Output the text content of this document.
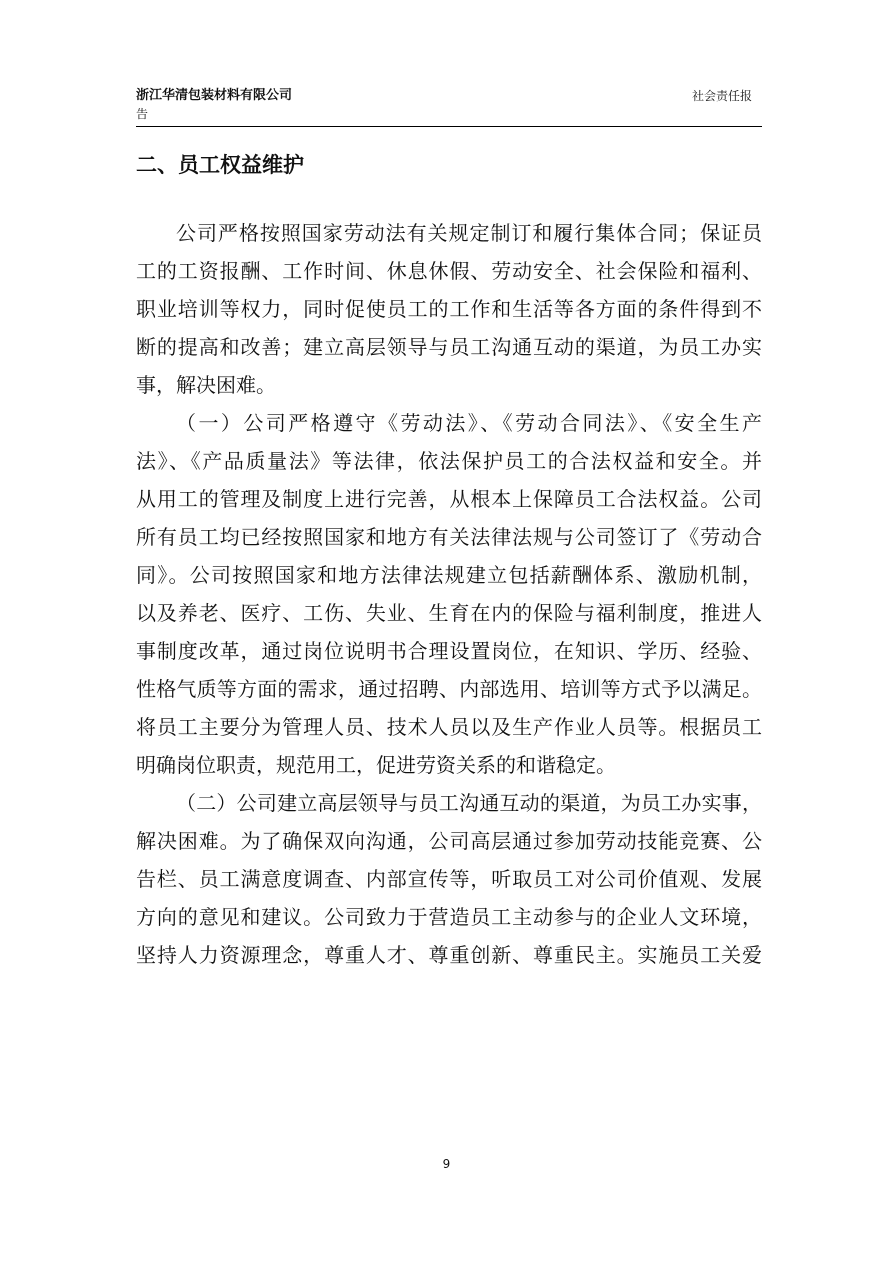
浙江华清包装材料有限公司	社会责任报
告
二、员工权益维护
公司严格按照国家劳动法有关规定制订和履行集体合同；保证员
工的工资报酬、工作时间、休息休假、劳动安全、社会保险和福利、
职业培训等权力，同时促使员工的工作和生活等各方面的条件得到不
断的提高和改善；建立高层领导与员工沟通互动的渠道，为员工办实
事，解决困难。
（一）公司严格遵守《劳动法》、《劳动合同法》、《安全生产
法》、《产品质量法》等法律，依法保护员工的合法权益和安全。并
从用工的管理及制度上进行完善，从根本上保障员工合法权益。公司
所有员工均已经按照国家和地方有关法律法规与公司签订了《劳动合
同》。公司按照国家和地方法律法规建立包括薪酬体系、激励机制，
以及养老、医疗、工伤、失业、生育在内的保险与福利制度，推进人
事制度改革，通过岗位说明书合理设置岗位，在知识、学历、经验、
性格气质等方面的需求，通过招聘、内部选用、培训等方式予以满足。
将员工主要分为管理人员、技术人员以及生产作业人员等。根据员工
明确岗位职责，规范用工，促进劳资关系的和谐稳定。
（二）公司建立高层领导与员工沟通互动的渠道，为员工办实事，
解决困难。为了确保双向沟通，公司高层通过参加劳动技能竞赛、公
告栏、员工满意度调查、内部宣传等，听取员工对公司价值观、发展
方向的意见和建议。公司致力于营造员工主动参与的企业人文环境，
坚持人力资源理念，尊重人才、尊重创新、尊重民主。实施员工关爱
9
